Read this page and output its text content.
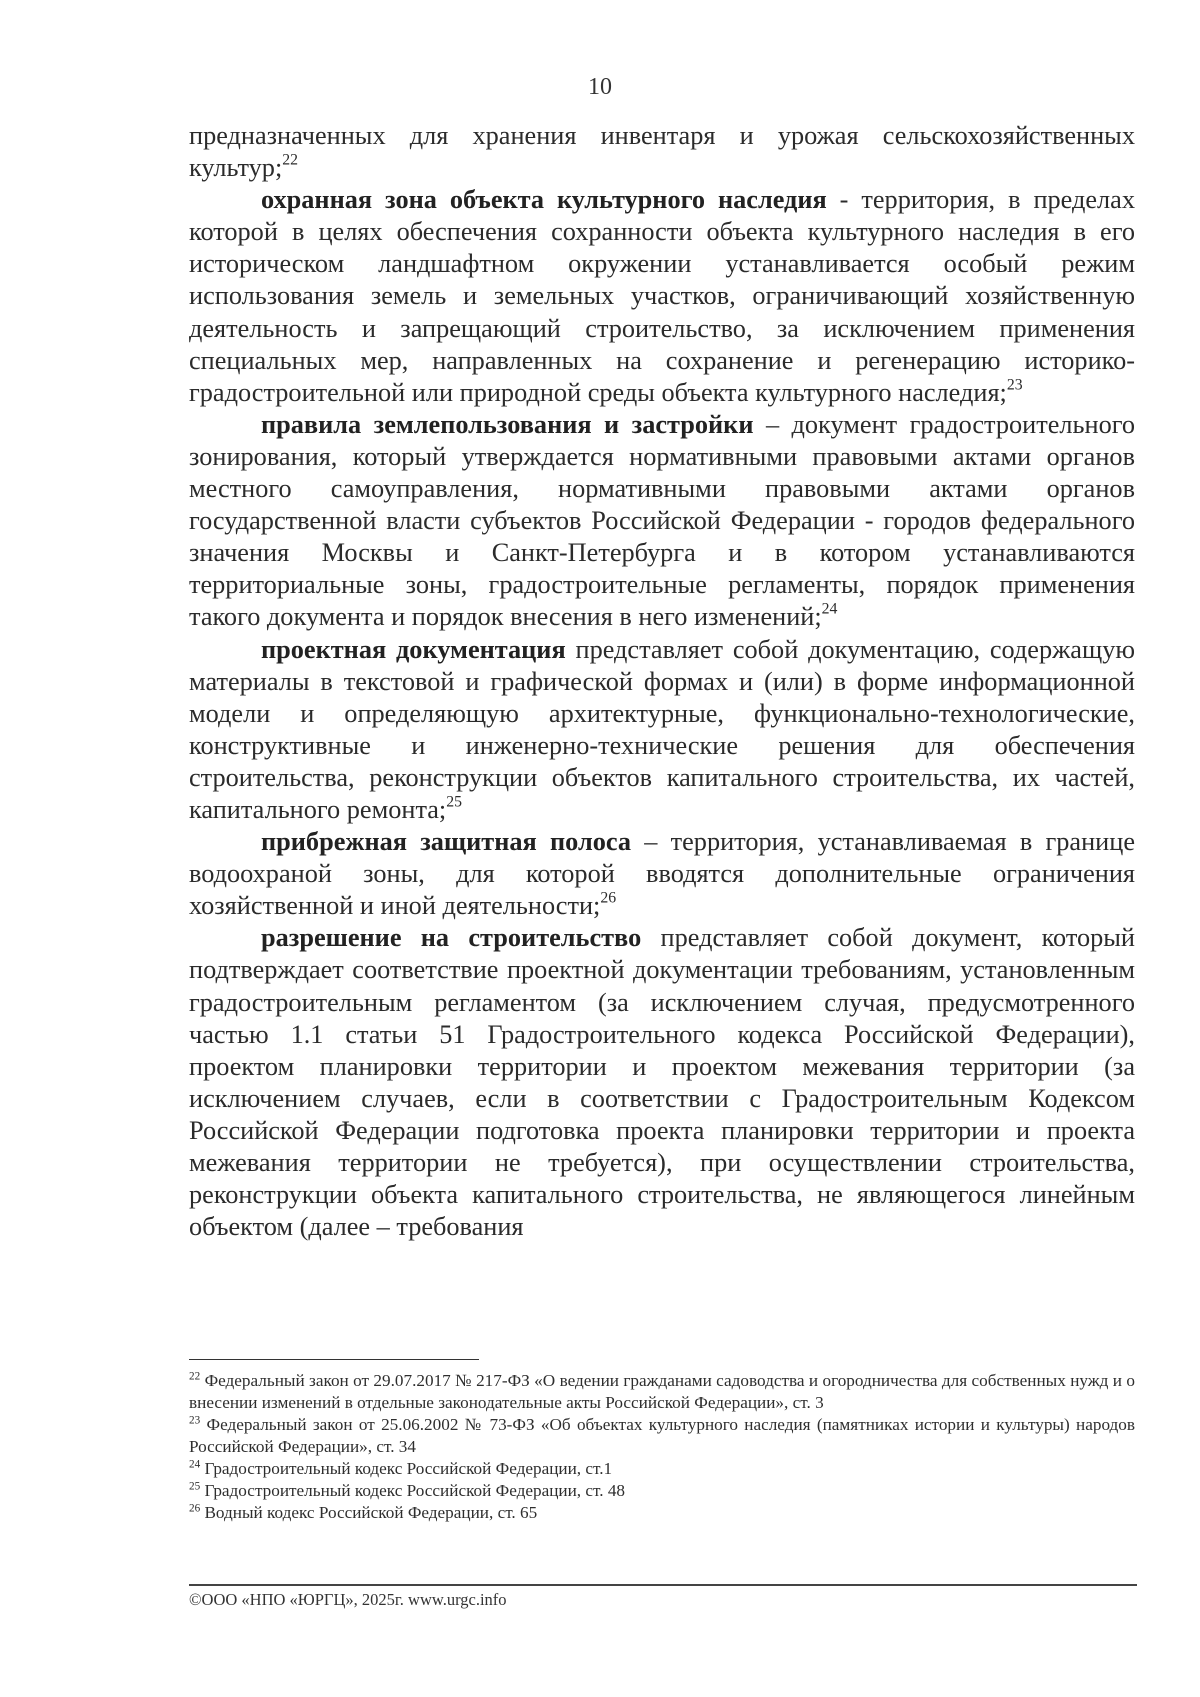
10

предназначенных для хранения инвентаря и урожая сельскохозяйственных культур;$^{22}$

охранная зона объекта культурного наследия - территория, в пределах которой в целях обеспечения сохранности объекта культурного наследия в его историческом ландшафтном окружении устанавливается особый режим использования земель и земельных участков, ограничивающий хозяйственную деятельность и запрещающий строительство, за исключением применения специальных мер, направленных на сохранение и регенерацию историко-градостроительной или природной среды объекта культурного наследия;$^{23}$

правила землепользования и застройки – документ градостроительного зонирования, который утверждается нормативными правовыми актами органов местного самоуправления, нормативными правовыми актами органов государственной власти субъектов Российской Федерации - городов федерального значения Москвы и Санкт-Петербурга и в котором устанавливаются территориальные зоны, градостроительные регламенты, порядок применения такого документа и порядок внесения в него изменений;$^{24}$

проектная документация представляет собой документацию, содержащую материалы в текстовой и графической формах и (или) в форме информационной модели и определяющую архитектурные, функционально-технологические, конструктивные и инженерно-технические решения для обеспечения строительства, реконструкции объектов капитального строительства, их частей, капитального ремонта;$^{25}$

прибрежная защитная полоса – территория, устанавливаемая в границе водоохраной зоны, для которой вводятся дополнительные ограничения хозяйственной и иной деятельности;$^{26}$

разрешение на строительство представляет собой документ, который подтверждает соответствие проектной документации требованиям, установленным градостроительным регламентом (за исключением случая, предусмотренного частью 1.1 статьи 51 Градостроительного кодекса Российской Федерации), проектом планировки территории и проектом межевания территории (за исключением случаев, если в соответствии с Градостроительным Кодексом Российской Федерации подготовка проекта планировки территории и проекта межевания территории не требуется), при осуществлении строительства, реконструкции объекта капитального строительства, не являющегося линейным объектом (далее – требования

$^{22}$ Федеральный закон от 29.07.2017 № 217-ФЗ «О ведении гражданами садоводства и огородничества для собственных нужд и о внесении изменений в отдельные законодательные акты Российской Федерации», ст. 3

$^{23}$ Федеральный закон от 25.06.2002 № 73-ФЗ «Об объектах культурного наследия (памятниках истории и культуры) народов Российской Федерации», ст. 34

$^{24}$ Градостроительный кодекс Российской Федерации, ст.1

$^{25}$ Градостроительный кодекс Российской Федерации, ст. 48

$^{26}$ Водный кодекс Российской Федерации, ст. 65

©ООО «НПО «ЮРГЦ», 2025г. www.urgc.info
